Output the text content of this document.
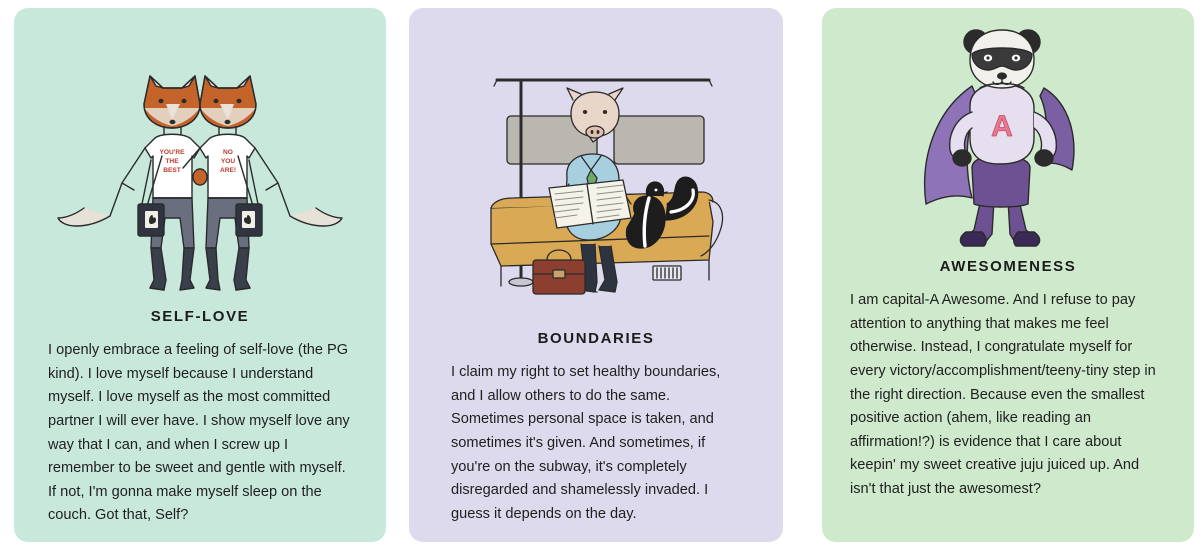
YOU'RE
THE
BEST
NO
YOU
ARE!
SELF-LOVE

I openly embrace a feeling of self-love (the PG kind). I love myself because I understand myself. I love myself as the most committed partner I will ever have. I show myself love any way that I can, and when I screw up I remember to be sweet and gentle with myself. If not, I'm gonna make myself sleep on the couch. Got that, Self?

BOUNDARIES

I claim my right to set healthy boundaries, and I allow others to do the same. Sometimes personal space is taken, and sometimes it's given. And sometimes, if you're on the subway, it's completely disregarded and shamelessly invaded. I guess it depends on the day.

A
AWESOMENESS

I am capital-A Awesome. And I refuse to pay attention to anything that makes me feel otherwise. Instead, I congratulate myself for every victory/accomplishment/teeny-tiny step in the right direction. Because even the smallest positive action (ahem, like reading an affirmation!?) is evidence that I care about keepin' my sweet creative juju juiced up. And isn't that just the awesomest?
